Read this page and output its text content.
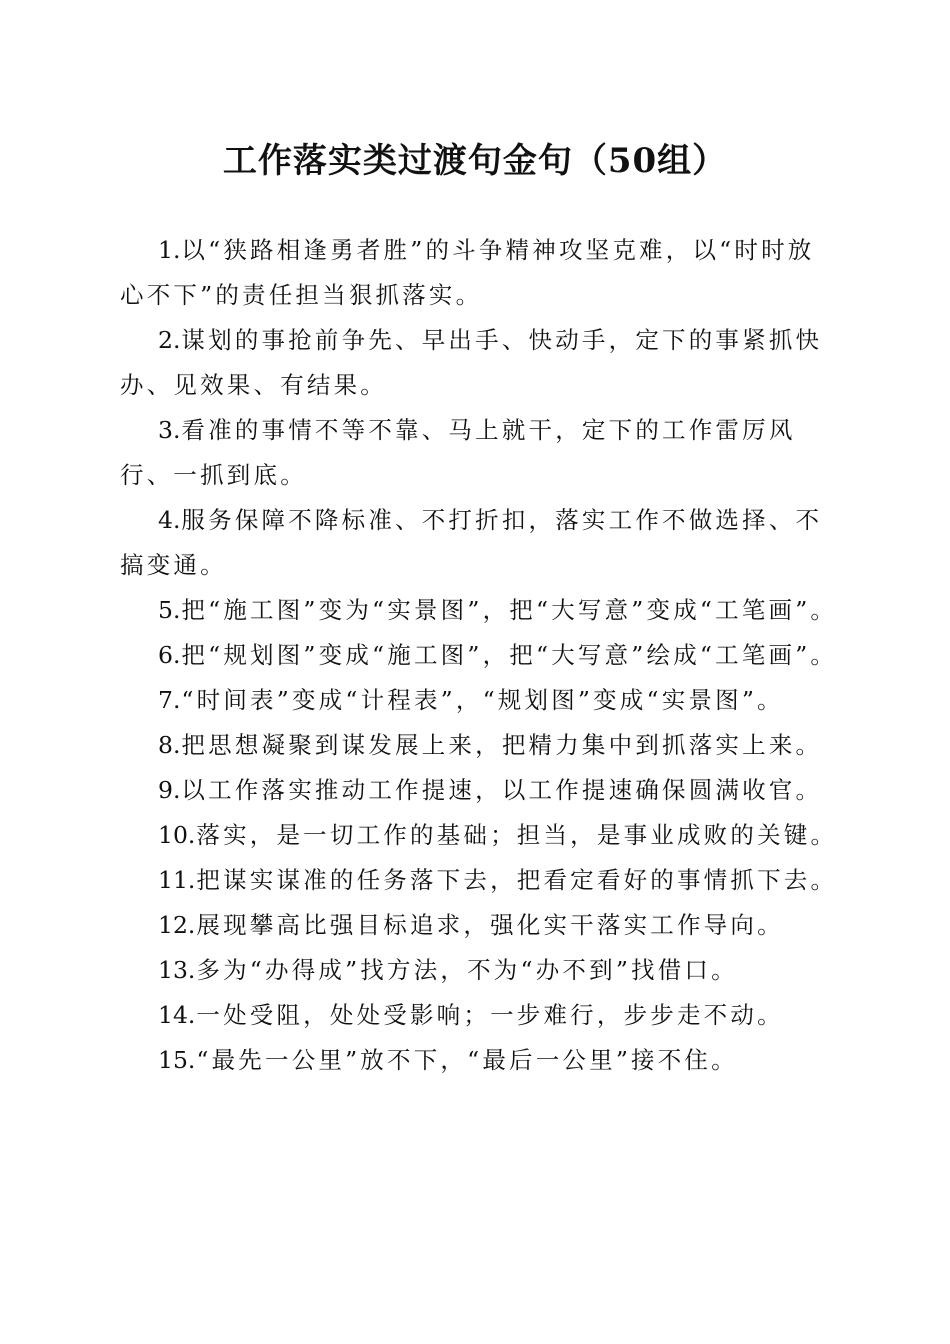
工作落实类过渡句金句（50组）

1.以“狭路相逢勇者胜”的斗争精神攻坚克难，以“时时放心不下”的责任担当狠抓落实。

2.谋划的事抢前争先、早出手、快动手，定下的事紧抓快办、见效果、有结果。

3.看准的事情不等不靠、马上就干，定下的工作雷厉风行、一抓到底。

4.服务保障不降标准、不打折扣，落实工作不做选择、不搞变通。

5.把“施工图”变为“实景图”，把“大写意”变成“工笔画”。

6.把“规划图”变成“施工图”，把“大写意”绘成“工笔画”。

7.“时间表”变成“计程表”，“规划图”变成“实景图”。

8.把思想凝聚到谋发展上来，把精力集中到抓落实上来。

9.以工作落实推动工作提速，以工作提速确保圆满收官。

10.落实，是一切工作的基础；担当，是事业成败的关键。

11.把谋实谋准的任务落下去，把看定看好的事情抓下去。

12.展现攀高比强目标追求，强化实干落实工作导向。

13.多为“办得成”找方法，不为“办不到”找借口。

14.一处受阻，处处受影响；一步难行，步步走不动。

15.“最先一公里”放不下，“最后一公里”接不住。
